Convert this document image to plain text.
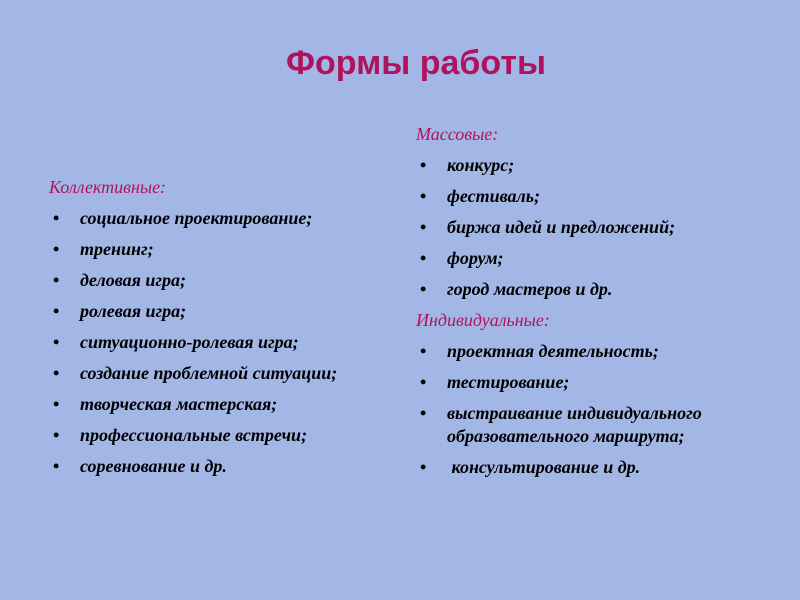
Формы работы
Коллективные:
• социальное проектирование;
• тренинг;
• деловая игра;
• ролевая игра;
• ситуационно-ролевая игра;
• создание проблемной ситуации;
• творческая мастерская;
• профессиональные встречи;
• соревнование и др.
Массовые:
• конкурс;
• фестиваль;
• биржа идей и предложений;
• форум;
• город мастеров и др.
Индивидуальные:
• проектная деятельность;
• тестирование;
• выстраивание индивидуального образовательного маршрута;
• консультирование и др.
